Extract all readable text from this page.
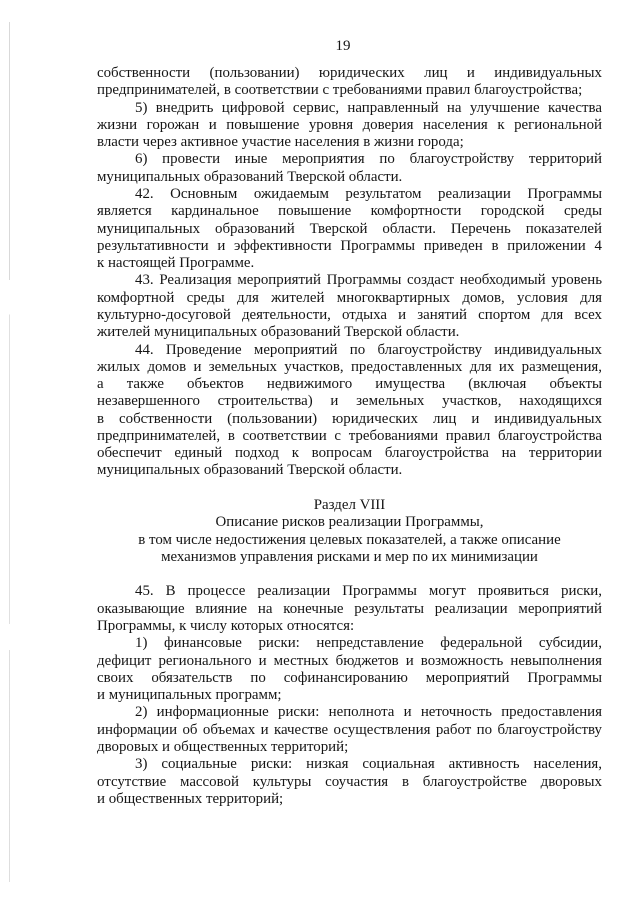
19
собственности (пользовании) юридических лиц и индивидуальных
предпринимателей, в соответствии с требованиями правил благоустройства;
5) внедрить цифровой сервис, направленный на улучшение качества
жизни горожан и повышение уровня доверия населения к региональной
власти через активное участие населения в жизни города;
6) провести иные мероприятия по благоустройству территорий
муниципальных образований Тверской области.
42. Основным ожидаемым результатом реализации Программы
является кардинальное повышение комфортности городской среды
муниципальных образований Тверской области. Перечень показателей
результативности и эффективности Программы приведен в приложении 4
к настоящей Программе.
43. Реализация мероприятий Программы создаст необходимый уровень
комфортной среды для жителей многоквартирных домов, условия для
культурно-досуговой деятельности, отдыха и занятий спортом для всех
жителей муниципальных образований Тверской области.
44. Проведение мероприятий по благоустройству индивидуальных
жилых домов и земельных участков, предоставленных для их размещения,
а также объектов недвижимого имущества (включая объекты
незавершенного строительства) и земельных участков, находящихся
в собственности (пользовании) юридических лиц и индивидуальных
предпринимателей, в соответствии с требованиями правил благоустройства
обеспечит единый подход к вопросам благоустройства на территории
муниципальных образований Тверской области.
Раздел VIII
Описание рисков реализации Программы,
в том числе недостижения целевых показателей, а также описание
механизмов управления рисками и мер по их минимизации
45. В процессе реализации Программы могут проявиться риски,
оказывающие влияние на конечные результаты реализации мероприятий
Программы, к числу которых относятся:
1) финансовые риски: непредставление федеральной субсидии,
дефицит регионального и местных бюджетов и возможность невыполнения
своих обязательств по софинансированию мероприятий Программы
и муниципальных программ;
2) информационные риски: неполнота и неточность предоставления
информации об объемах и качестве осуществления работ по благоустройству
дворовых и общественных территорий;
3) социальные риски: низкая социальная активность населения,
отсутствие массовой культуры соучастия в благоустройстве дворовых
и общественных территорий;
